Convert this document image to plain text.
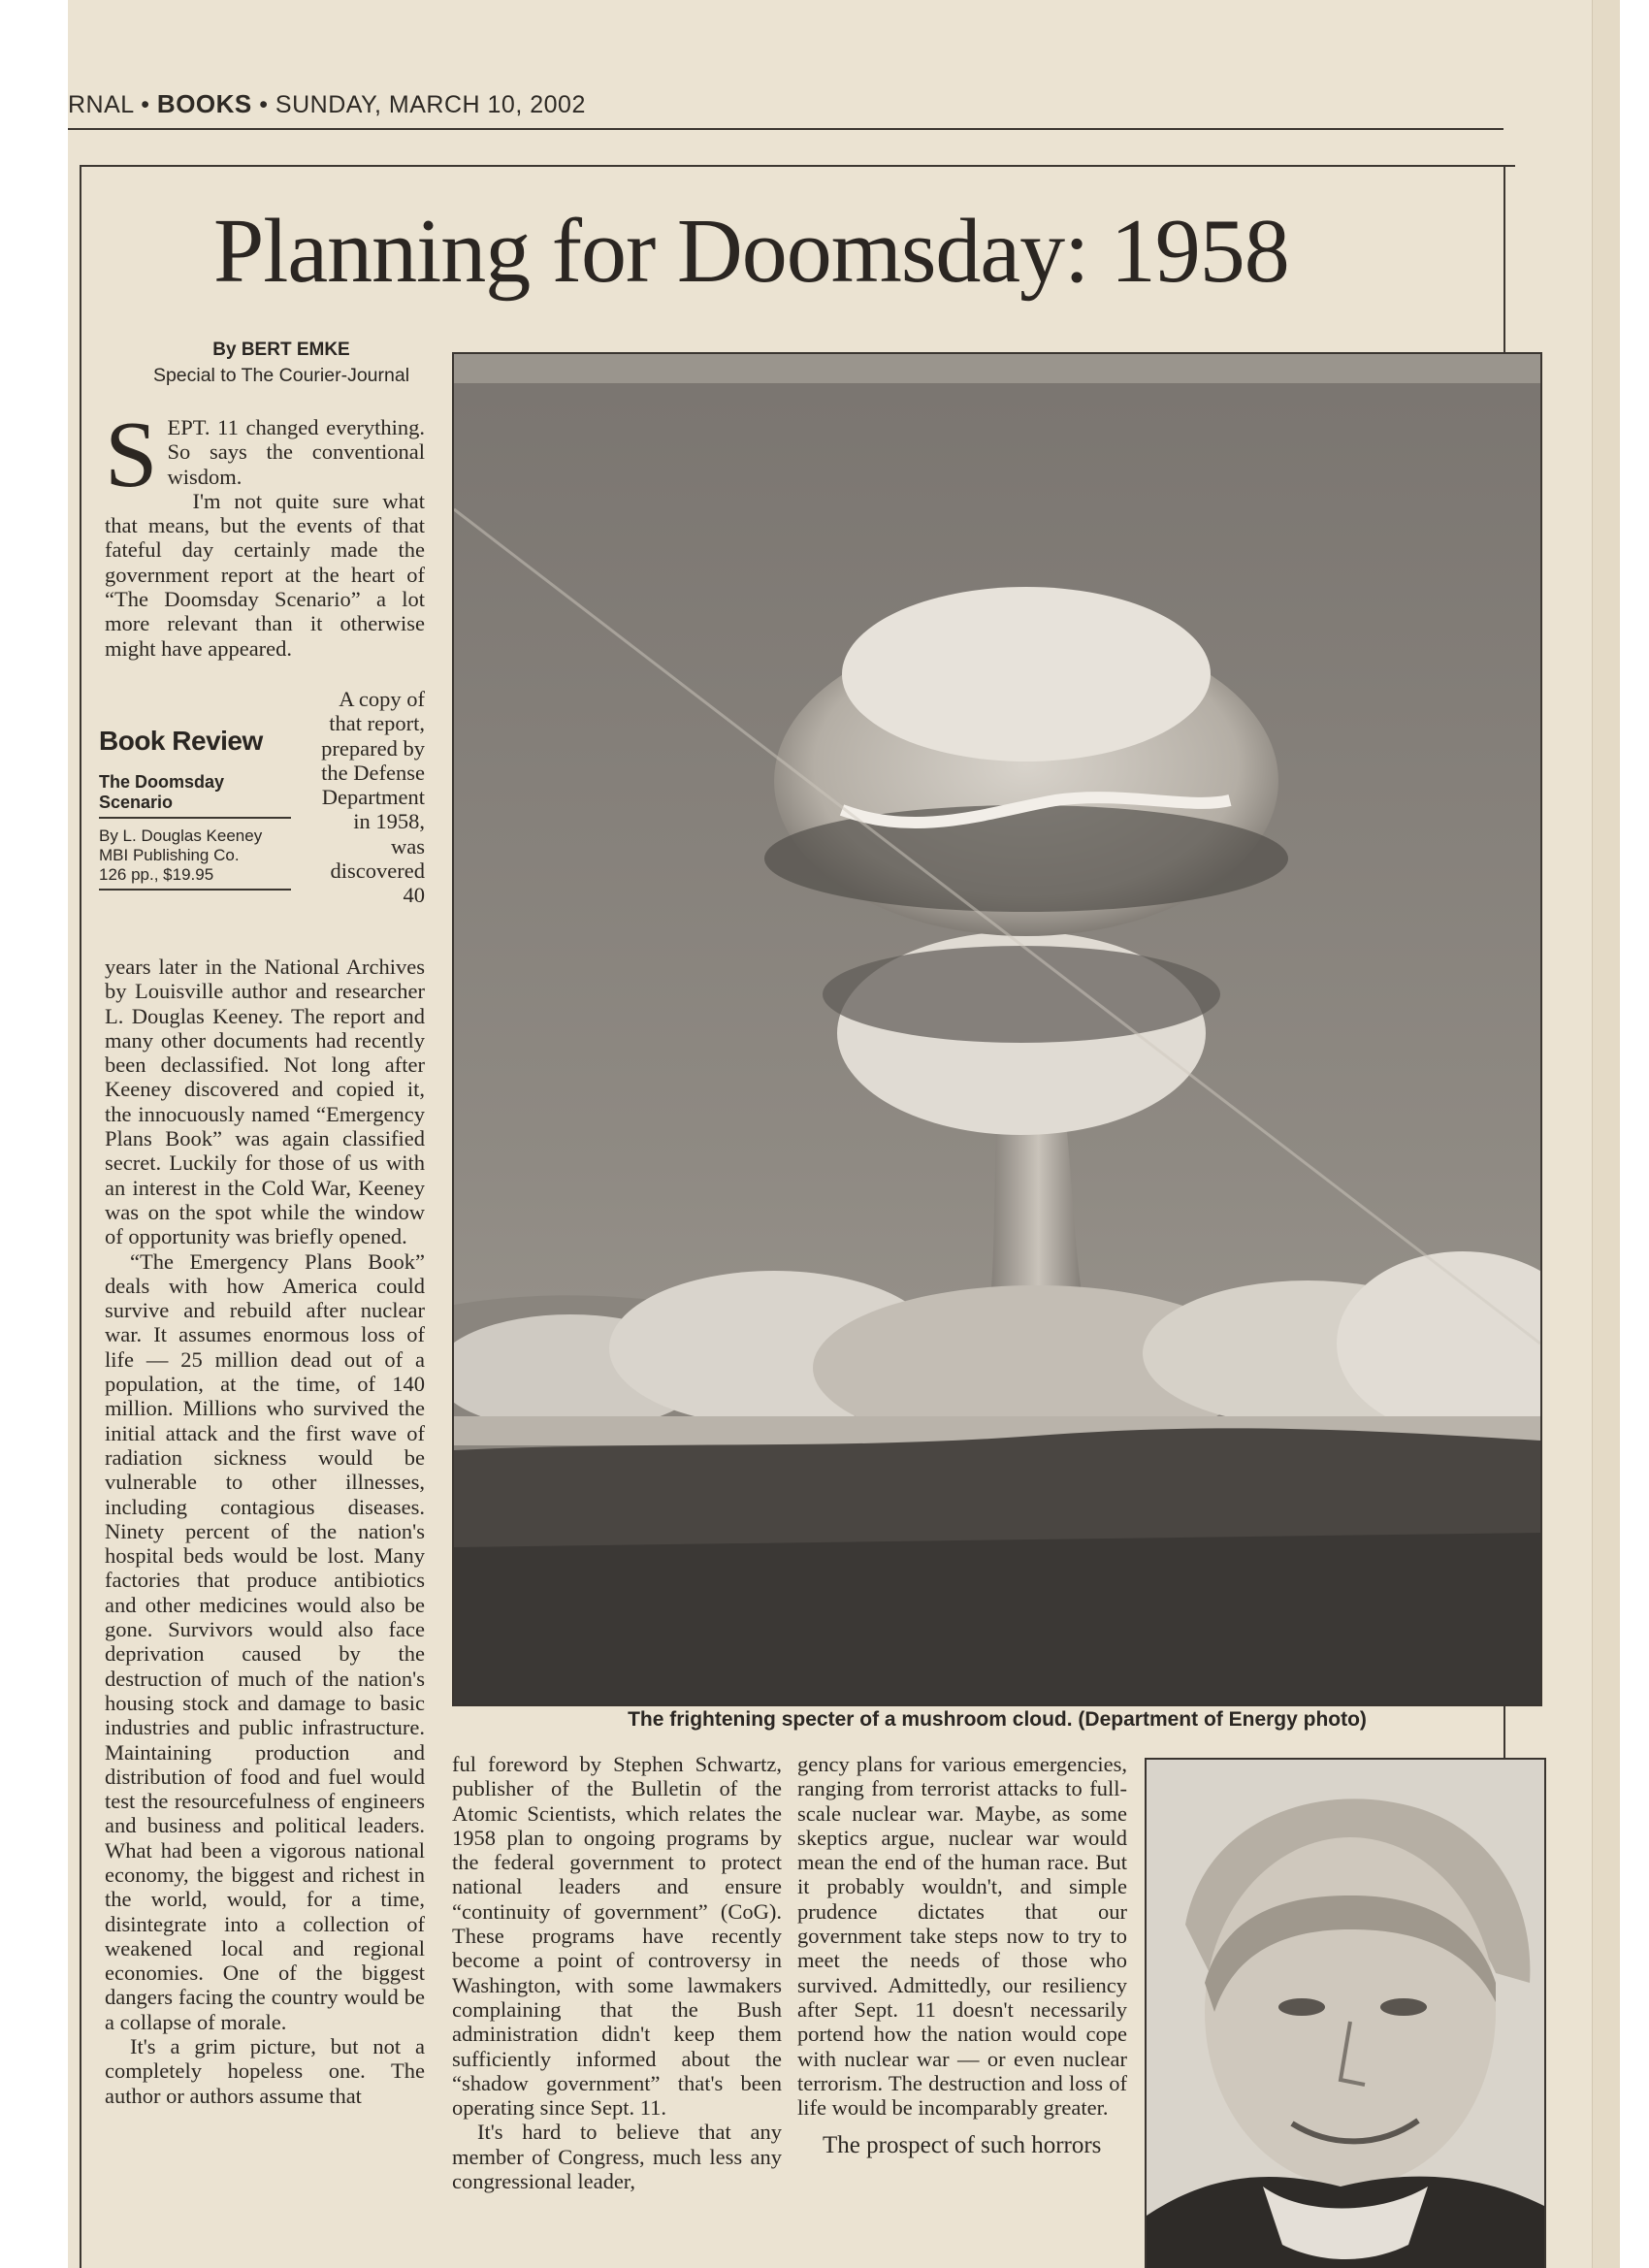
RNAL • BOOKS • SUNDAY, MARCH 10, 2002
Planning for Doomsday: 1958
By BERT EMKE
Special to The Courier-Journal

SEPT. 11 changed everything. So says the conventional wisdom.

I'm not quite sure what that means, but the events of that fateful day certainly made the government report at the heart of “The Doomsday Scenario” a lot more relevant than it otherwise might have appeared.

Book Review
The Doomsday Scenario
By L. Douglas Keeney
MBI Publishing Co.
126 pp., $19.95

A copy of that report, prepared by the Defense Department in 1958, was discovered 40

years later in the National Archives by Louisville author and researcher L. Douglas Keeney. The report and many other documents had recently been declassified. Not long after Keeney discovered and copied it, the innocuously named “Emergency Plans Book” was again classified secret. Luckily for those of us with an interest in the Cold War, Keeney was on the spot while the window of opportunity was briefly opened.

“The Emergency Plans Book” deals with how America could survive and rebuild after nuclear war. It assumes enormous loss of life — 25 million dead out of a population, at the time, of 140 million. Millions who survived the initial attack and the first wave of radiation sickness would be vulnerable to other illnesses, including contagious diseases. Ninety percent of the nation's hospital beds would be lost. Many factories that produce antibiotics and other medicines would also be gone. Survivors would also face deprivation caused by the destruction of much of the nation's housing stock and damage to basic industries and public infrastructure. Maintaining production and distribution of food and fuel would test the resourcefulness of engineers and business and political leaders. What had been a vigorous national economy, the biggest and richest in the world, would, for a time, disintegrate into a collection of weakened local and regional economies. One of the biggest dangers facing the country would be a collapse of morale.

It's a grim picture, but not a completely hopeless one. The author or authors assume that

The frightening specter of a mushroom cloud. (Department of Energy photo)

ful foreword by Stephen Schwartz, publisher of the Bulletin of the Atomic Scientists, which relates the 1958 plan to ongoing programs by the federal government to protect national leaders and ensure “continuity of government” (CoG). These programs have recently become a point of controversy in Washington, with some lawmakers complaining that the Bush administration didn't keep them sufficiently informed about the “shadow government” that's been operating since Sept. 11.

It's hard to believe that any member of Congress, much less any congressional leader,

gency plans for various emergencies, ranging from terrorist attacks to full-scale nuclear war. Maybe, as some skeptics argue, nuclear war would mean the end of the human race. But it probably wouldn't, and simple prudence dictates that our government take steps now to try to meet the needs of those who survived. Admittedly, our resiliency after Sept. 11 doesn't necessarily portend how the nation would cope with nuclear war — or even nuclear terrorism. The destruction and loss of life would be incomparably greater.

The prospect of such horrors
